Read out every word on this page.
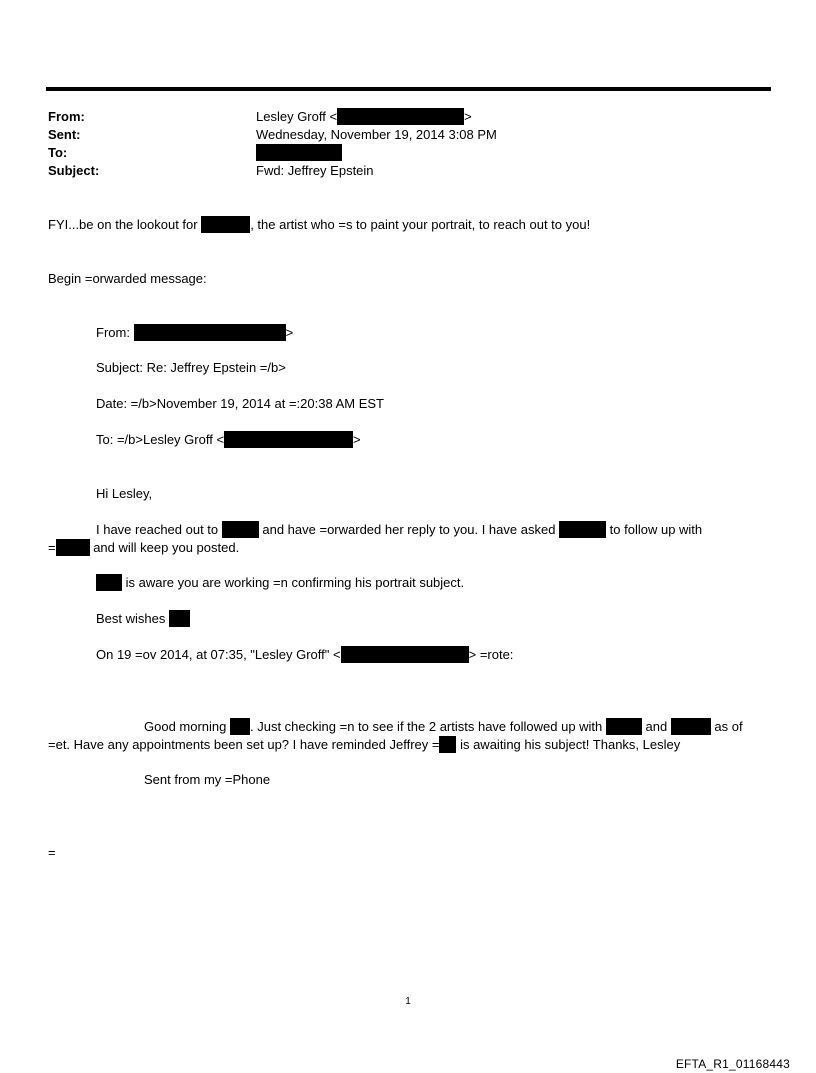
From:	Lesley Groff <	>
Sent:	Wednesday, November 19, 2014 3:08 PM
To:
Subject:	Fwd: Jeffrey Epstein
FYI...be on the lookout for	, the artist who =s to paint your portrait, to reach out to you!
Begin =orwarded message:
From:	>
Subject: Re: Jeffrey Epstein =/b>
Date: =/b>November 19, 2014 at =:20:38 AM EST
To: =/b>Lesley Groff <	>
Hi Lesley,
I have reached out to	and have =orwarded her reply to you. I have asked	to follow up with
=	and will keep you posted.
is aware you are working =n confirming his portrait subject.
Best wishes
On 19 =ov 2014, at 07:35, "Lesley Groff" <	> =rote:
Good morning . Just checking =n to see if the 2 artists have followed up with	and	as of
=et. Have any appointments been set up? I have reminded Jeffrey = is awaiting his subject! Thanks, Lesley
Sent from my =Phone
=
1
EFTA_R1_01168443
